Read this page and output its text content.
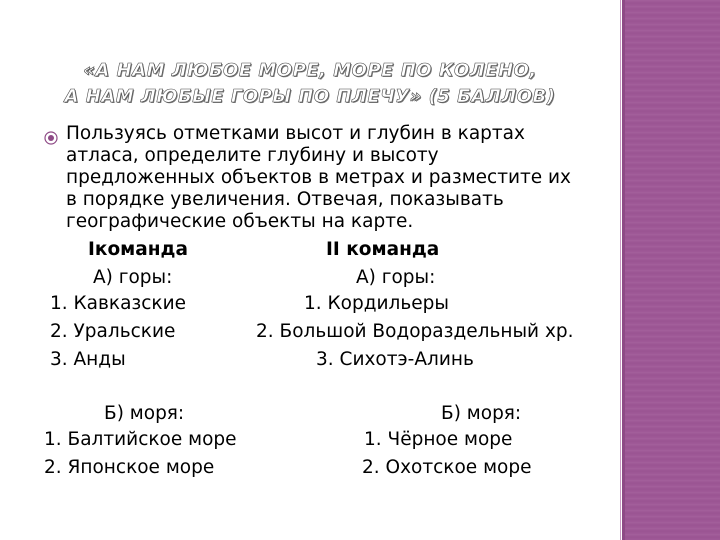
«А НАМ ЛЮБОЕ МОРЕ, МОРЕ ПО КОЛЕНО,
А НАМ ЛЮБЫЕ ГОРЫ ПО ПЛЕЧУ» (5 БАЛЛОВ)
Пользуясь отметками высот и глубин в картах
атласа, определите глубину и высоту
предложенных объектов в метрах и разместите их
в порядке увеличения. Отвечая, показывать
географические объекты на карте.
Iкоманда
А) горы:
1. Кавказские
2. Уральские
3. Анды
Б) моря:
1. Балтийское море
2. Японское море
II команда
А) горы:
1. Кордильеры
2. Большой Водораздельный хр.
3. Сихотэ-Алинь
Б) моря:
1. Чёрное море
2. Охотское море
